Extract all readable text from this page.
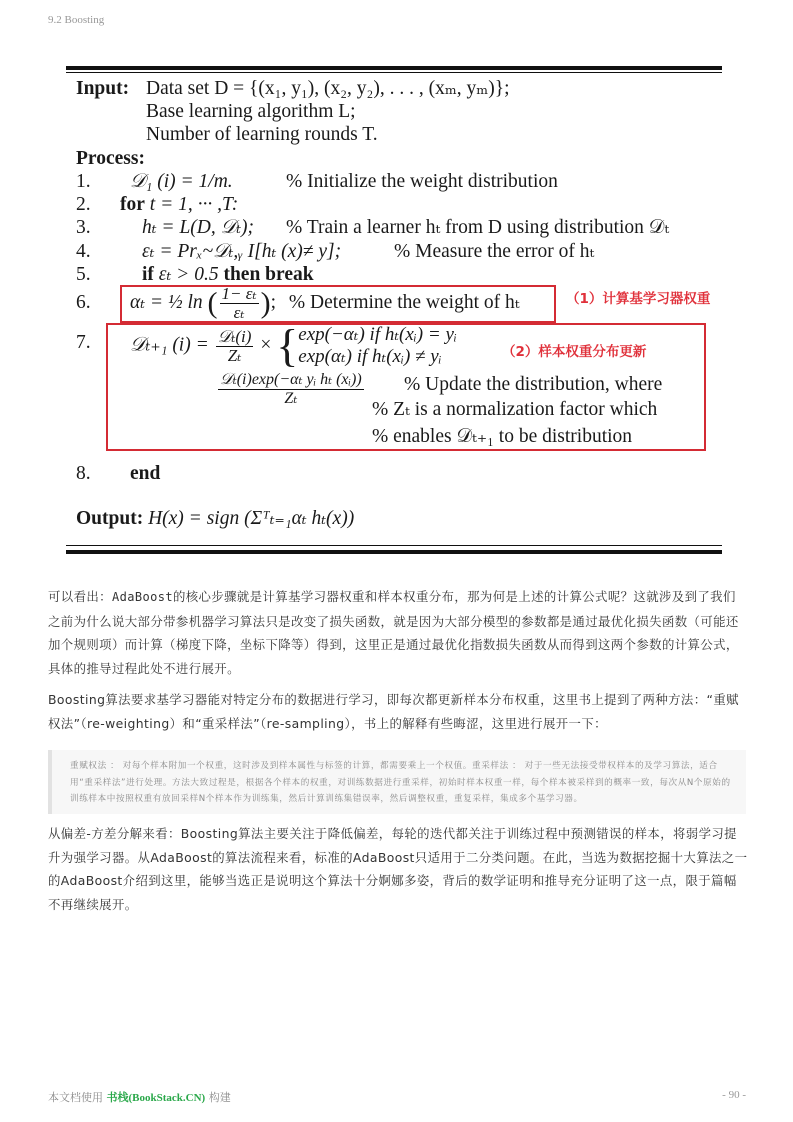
9.2 Boosting
Input: Data set D = {(x₁, y₁), (x₂, y₂), . . . , (xₘ, yₘ)};
Base learning algorithm L;
Number of learning rounds T.
Process:
1. 𝒟₁ (i) = 1/m.	% Initialize the weight distribution
2. for t = 1, ··· ,T:
3.	hₜ = L(D, 𝒟ₜ); % Train a learner hₜ from D using distribution 𝒟ₜ
4.	εₜ = Prₓ~𝒟ₜ,ᵧ I[hₜ (x)≠ y];	% Measure the error of hₜ
5.	if εₜ > 0.5 then break
6. αₜ = ½ ln ( $\frac{\text{1− εₜ}}{\text{εₜ}}$ ); % Determine the weight of hₜ	（1）计算基学习器权重
7. 𝒟ₜ₊₁ $(i) = \frac{\text{𝒟ₜ(i)}}{\text{Zₜ}}$ × { exp(−αₜ) if hₜ(xᵢ) = yᵢ
exp(αₜ) if hₜ(xᵢ) ≠ yᵢ	（2）样本权重分布更新
$\frac{\text{𝒟ₜ(i)exp(−αₜ yᵢ hₜ (xᵢ))}}{\text{Zₜ}}$ % Update the distribution, where
% Zₜ is a normalization factor which
% enables 𝒟ₜ₊₁ to be distribution
8. end
Output: H(x) = sign (Σᵀₜ₌₁αₜ hₜ(x))
可以看出：AdaBoost的核心步骤就是计算基学习器权重和样本权重分布，那为何是上述的计算公式呢？这就涉及到了我们之前为什么说大部分带参机器学习算法只是改变了损失函数，就是因为大部分模型的参数都是通过最优化损失函数（可能还加个规则项）而计算（梯度下降，坐标下降等）得到，这里正是通过最优化指数损失函数从而得到这两个参数的计算公式，具体的推导过程此处不进行展开。
Boosting算法要求基学习器能对特定分布的数据进行学习，即每次都更新样本分布权重，这里书上提到了两种方法：“重赋权法”（re-weighting）和“重采样法”（re-sampling），书上的解释有些晦涩，这里进行展开一下：
重赋权法 ： 对每个样本附加一个权重，这时涉及到样本属性与标签的计算，都需要乘上一个权值。重采样法 ： 对于一些无法接受带权样本的及学习算法，适合用“重采样法”进行处理。方法大致过程是，根据各个样本的权重，对训练数据进行重采样，初始时样本权重一样，每个样本被采样到的概率一致，每次从N个原始的训练样本中按照权重有放回采样N个样本作为训练集，然后计算训练集错误率，然后调整权重，重复采样，集成多个基学习器。
从偏差-方差分解来看：Boosting算法主要关注于降低偏差，每轮的迭代都关注于训练过程中预测错误的样本，将弱学习提升为强学习器。从AdaBoost的算法流程来看，标准的AdaBoost只适用于二分类问题。在此，当选为数据挖掘十大算法之一的AdaBoost介绍到这里，能够当选正是说明这个算法十分婀娜多姿，背后的数学证明和推导充分证明了这一点，限于篇幅不再继续展开。
本文档使用 书栈(BookStack.CN) 构建	- 90 -
